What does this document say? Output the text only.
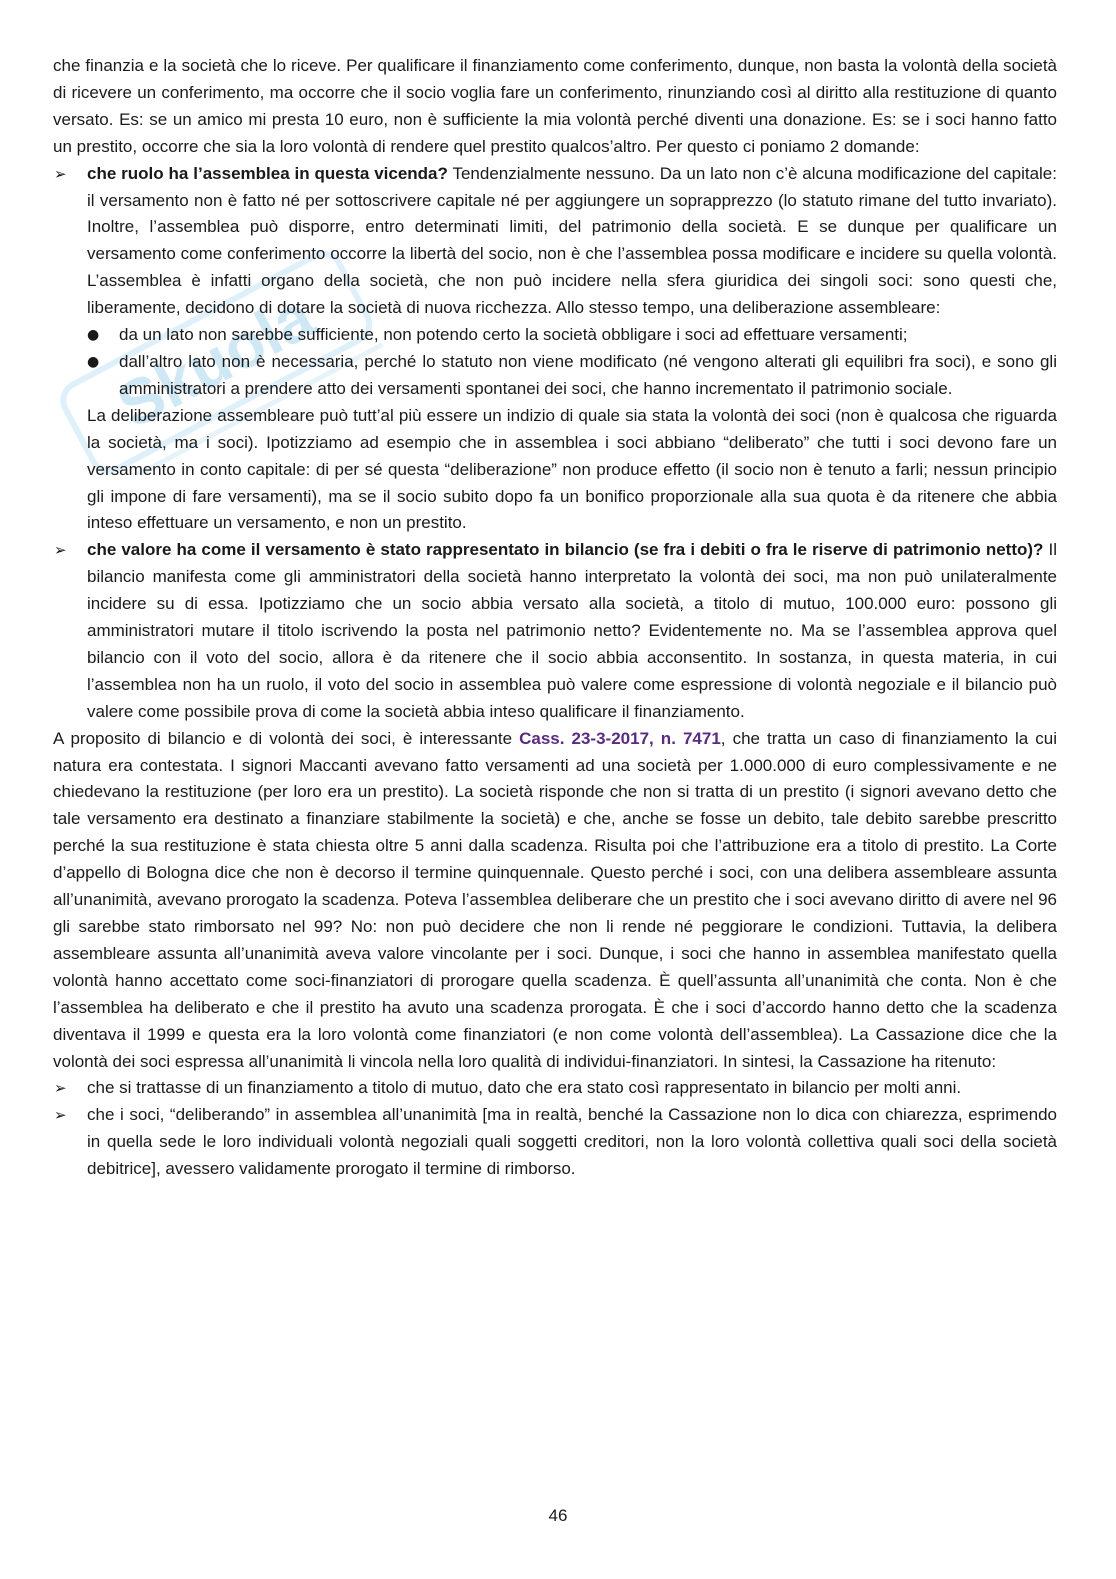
Skuola

che finanzia e la società che lo riceve. Per qualificare il finanziamento come conferimento, dunque, non basta la volontà della società di ricevere un conferimento, ma occorre che il socio voglia fare un conferimento, rinunziando così al diritto alla restituzione di quanto versato. Es: se un amico mi presta 10 euro, non è sufficiente la mia volontà perché diventi una donazione. Es: se i soci hanno fatto un prestito, occorre che sia la loro volontà di rendere quel prestito qualcos’altro. Per questo ci poniamo 2 domande:

➢ che ruolo ha l’assemblea in questa vicenda? Tendenzialmente nessuno. Da un lato non c’è alcuna modificazione del capitale: il versamento non è fatto né per sottoscrivere capitale né per aggiungere un soprapprezzo (lo statuto rimane del tutto invariato). Inoltre, l’assemblea può disporre, entro determinati limiti, del patrimonio della società. E se dunque per qualificare un versamento come conferimento occorre la libertà del socio, non è che l’assemblea possa modificare e incidere su quella volontà. L’assemblea è infatti organo della società, che non può incidere nella sfera giuridica dei singoli soci: sono questi che, liberamente, decidono di dotare la società di nuova ricchezza. Allo stesso tempo, una deliberazione assembleare:
● da un lato non sarebbe sufficiente, non potendo certo la società obbligare i soci ad effettuare versamenti;
● dall’altro lato non è necessaria, perché lo statuto non viene modificato (né vengono alterati gli equilibri fra soci), e sono gli amministratori a prendere atto dei versamenti spontanei dei soci, che hanno incrementato il patrimonio sociale.

La deliberazione assembleare può tutt’al più essere un indizio di quale sia stata la volontà dei soci (non è qualcosa che riguarda la società, ma i soci). Ipotizziamo ad esempio che in assemblea i soci abbiano “deliberato” che tutti i soci devono fare un versamento in conto capitale: di per sé questa “deliberazione” non produce effetto (il socio non è tenuto a farli; nessun principio gli impone di fare versamenti), ma se il socio subito dopo fa un bonifico proporzionale alla sua quota è da ritenere che abbia inteso effettuare un versamento, e non un prestito.

➢ che valore ha come il versamento è stato rappresentato in bilancio (se fra i debiti o fra le riserve di patrimonio netto)? Il bilancio manifesta come gli amministratori della società hanno interpretato la volontà dei soci, ma non può unilateralmente incidere su di essa. Ipotizziamo che un socio abbia versato alla società, a titolo di mutuo, 100.000 euro: possono gli amministratori mutare il titolo iscrivendo la posta nel patrimonio netto? Evidentemente no. Ma se l’assemblea approva quel bilancio con il voto del socio, allora è da ritenere che il socio abbia acconsentito. In sostanza, in questa materia, in cui l’assemblea non ha un ruolo, il voto del socio in assemblea può valere come espressione di volontà negoziale e il bilancio può valere come possibile prova di come la società abbia inteso qualificare il finanziamento.

A proposito di bilancio e di volontà dei soci, è interessante Cass. 23-3-2017, n. 7471, che tratta un caso di finanziamento la cui natura era contestata. I signori Maccanti avevano fatto versamenti ad una società per 1.000.000 di euro complessivamente e ne chiedevano la restituzione (per loro era un prestito). La società risponde che non si tratta di un prestito (i signori avevano detto che tale versamento era destinato a finanziare stabilmente la società) e che, anche se fosse un debito, tale debito sarebbe prescritto perché la sua restituzione è stata chiesta oltre 5 anni dalla scadenza. Risulta poi che l’attribuzione era a titolo di prestito. La Corte d’appello di Bologna dice che non è decorso il termine quinquennale. Questo perché i soci, con una delibera assembleare assunta all’unanimità, avevano prorogato la scadenza. Poteva l’assemblea deliberare che un prestito che i soci avevano diritto di avere nel 96 gli sarebbe stato rimborsato nel 99? No: non può decidere che non li rende né peggiorare le condizioni. Tuttavia, la delibera assembleare assunta all’unanimità aveva valore vincolante per i soci. Dunque, i soci che hanno in assemblea manifestato quella volontà hanno accettato come soci-finanziatori di prorogare quella scadenza. È quell’assunta all’unanimità che conta. Non è che l’assemblea ha deliberato e che il prestito ha avuto una scadenza prorogata. È che i soci d’accordo hanno detto che la scadenza diventava il 1999 e questa era la loro volontà come finanziatori (e non come volontà dell’assemblea). La Cassazione dice che la volontà dei soci espressa all’unanimità li vincola nella loro qualità di individui-finanziatori. In sintesi, la Cassazione ha ritenuto:

➢ che si trattasse di un finanziamento a titolo di mutuo, dato che era stato così rappresentato in bilancio per molti anni.
➢ che i soci, “deliberando” in assemblea all’unanimità [ma in realtà, benché la Cassazione non lo dica con chiarezza, esprimendo in quella sede le loro individuali volontà negoziali quali soggetti creditori, non la loro volontà collettiva quali soci della società debitrice], avessero validamente prorogato il termine di rimborso.
46
